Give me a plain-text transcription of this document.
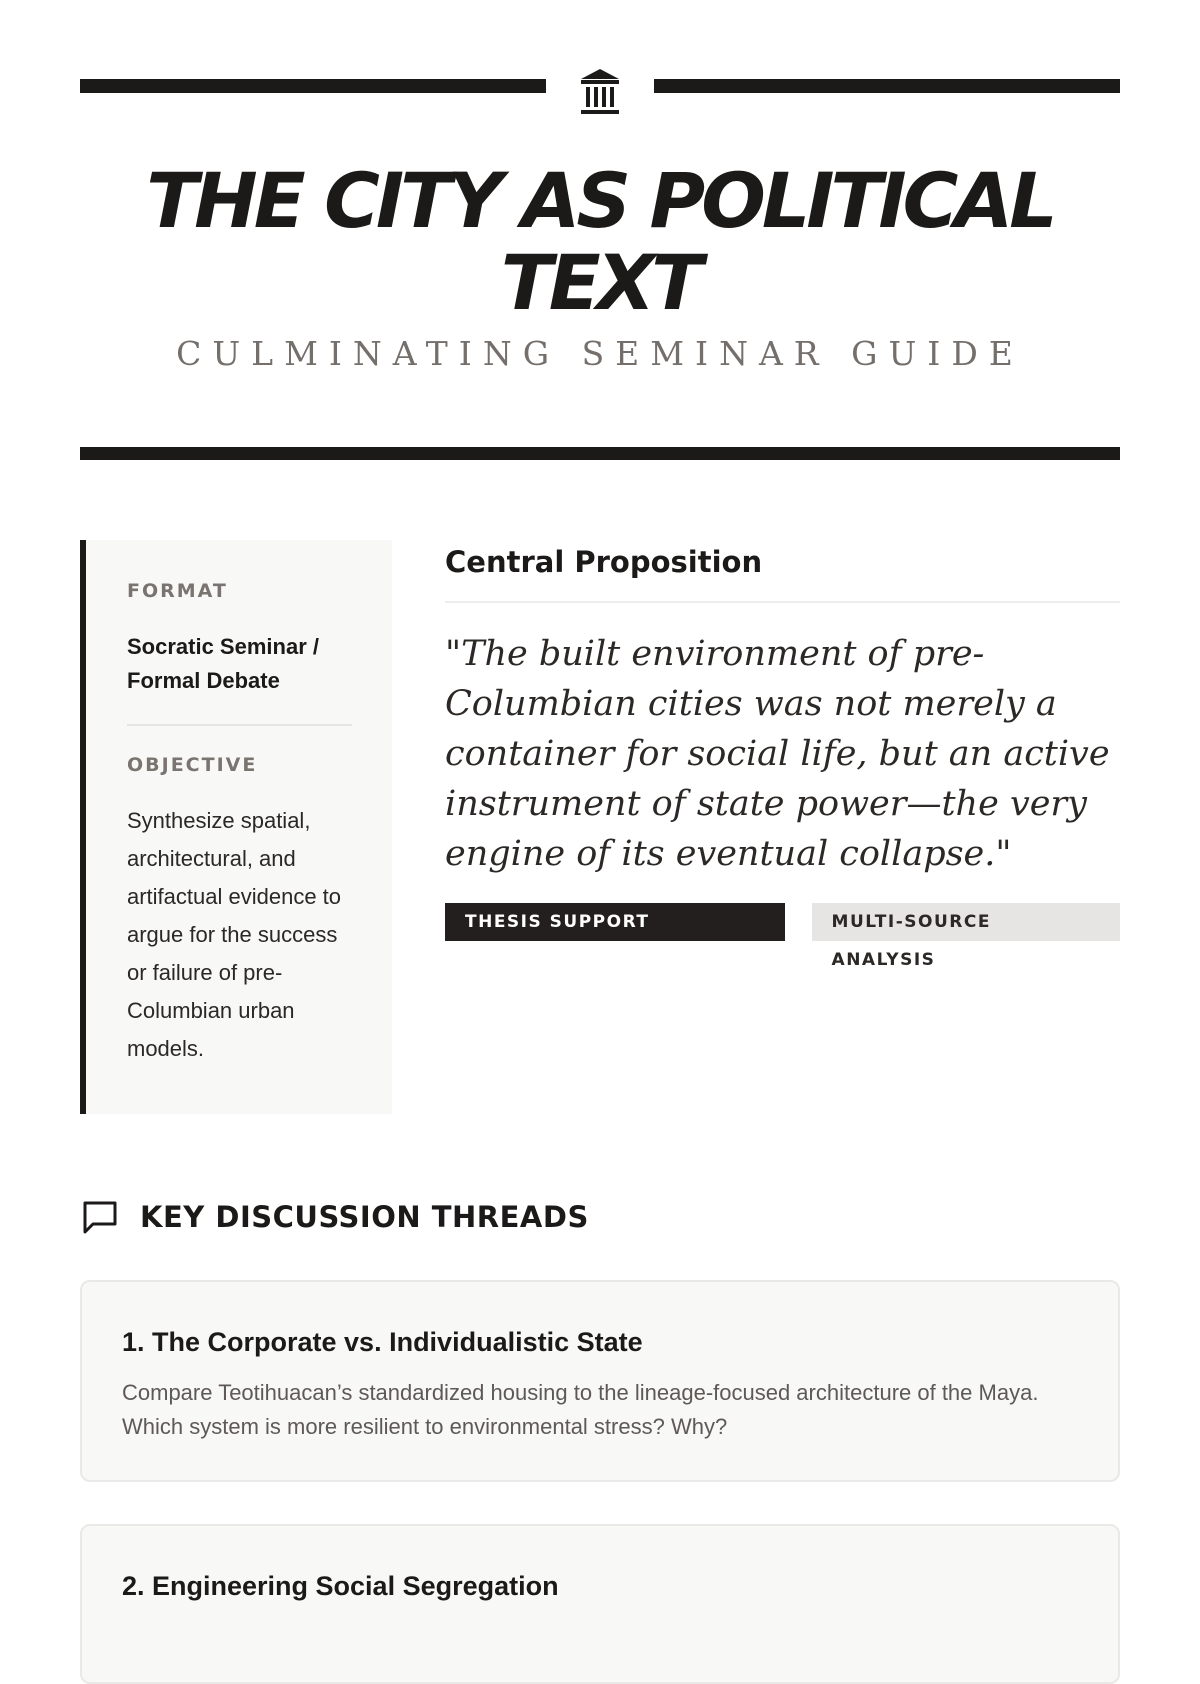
THE CITY AS POLITICAL TEXT

CULMINATING SEMINAR GUIDE

FORMAT

Socratic Seminar / Formal Debate

OBJECTIVE

Synthesize spatial, architectural, and artifactual evidence to argue for the success or failure of pre-Columbian urban models.

Central Proposition

"The built environment of pre-Columbian cities was not merely a container for social life, but an active instrument of state power—the very engine of its eventual collapse."

THESIS SUPPORT REQUIRED
MULTI-SOURCE ANALYSIS
KEY DISCUSSION THREADS

1. The Corporate vs. Individualistic State

Compare Teotihuacan’s standardized housing to the lineage-focused architecture of the Maya. Which system is more resilient to environmental stress? Why?

2. Engineering Social Segregation
